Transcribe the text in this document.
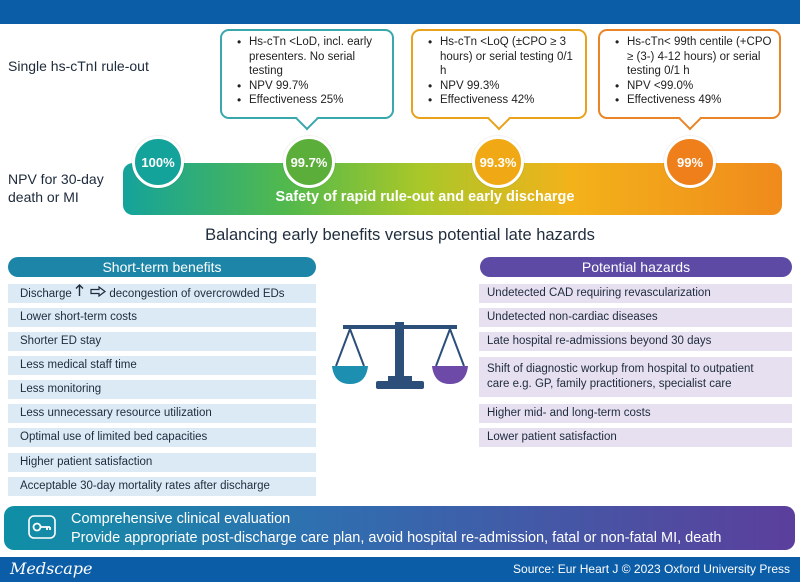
Single hs-cTnI rule-out
NPV for 30-day
death or MI
• Hs-cTn <LoD, incl. early presenters. No serial testing
• NPV 99.7%
• Effectiveness 25%
• Hs-cTn <LoQ (±CPO ≥ 3 hours) or serial testing 0/1 h
• NPV 99.3%
• Effectiveness 42%
• Hs-cTn< 99th centile (+CPO ≥ (3-) 4-12 hours) or serial testing 0/1 h
• NPV <99.0%
• Effectiveness 49%
Safety of rapid rule-out and early discharge
100%	99.7%	99.3%	99%
Balancing early benefits versus potential late hazards
Short-term benefits
Discharge	decongestion of overcrowded EDs
Lower short-term costs
Shorter ED stay
Less medical staff time
Less monitoring
Less unnecessary resource utilization
Optimal use of limited bed capacities
Higher patient satisfaction
Acceptable 30-day mortality rates after discharge
Potential hazards
Undetected CAD requiring revascularization
Undetected non-cardiac diseases
Late hospital re-admissions beyond 30 days
Shift of diagnostic workup from hospital to outpatient
care e.g. GP, family practitioners, specialist care
Higher mid- and long-term costs
Lower patient satisfaction
Comprehensive clinical evaluation
Provide appropriate post-discharge care plan, avoid hospital re-admission, fatal or non-fatal MI, death
Medscape	Source: Eur Heart J © 2023 Oxford University Press
